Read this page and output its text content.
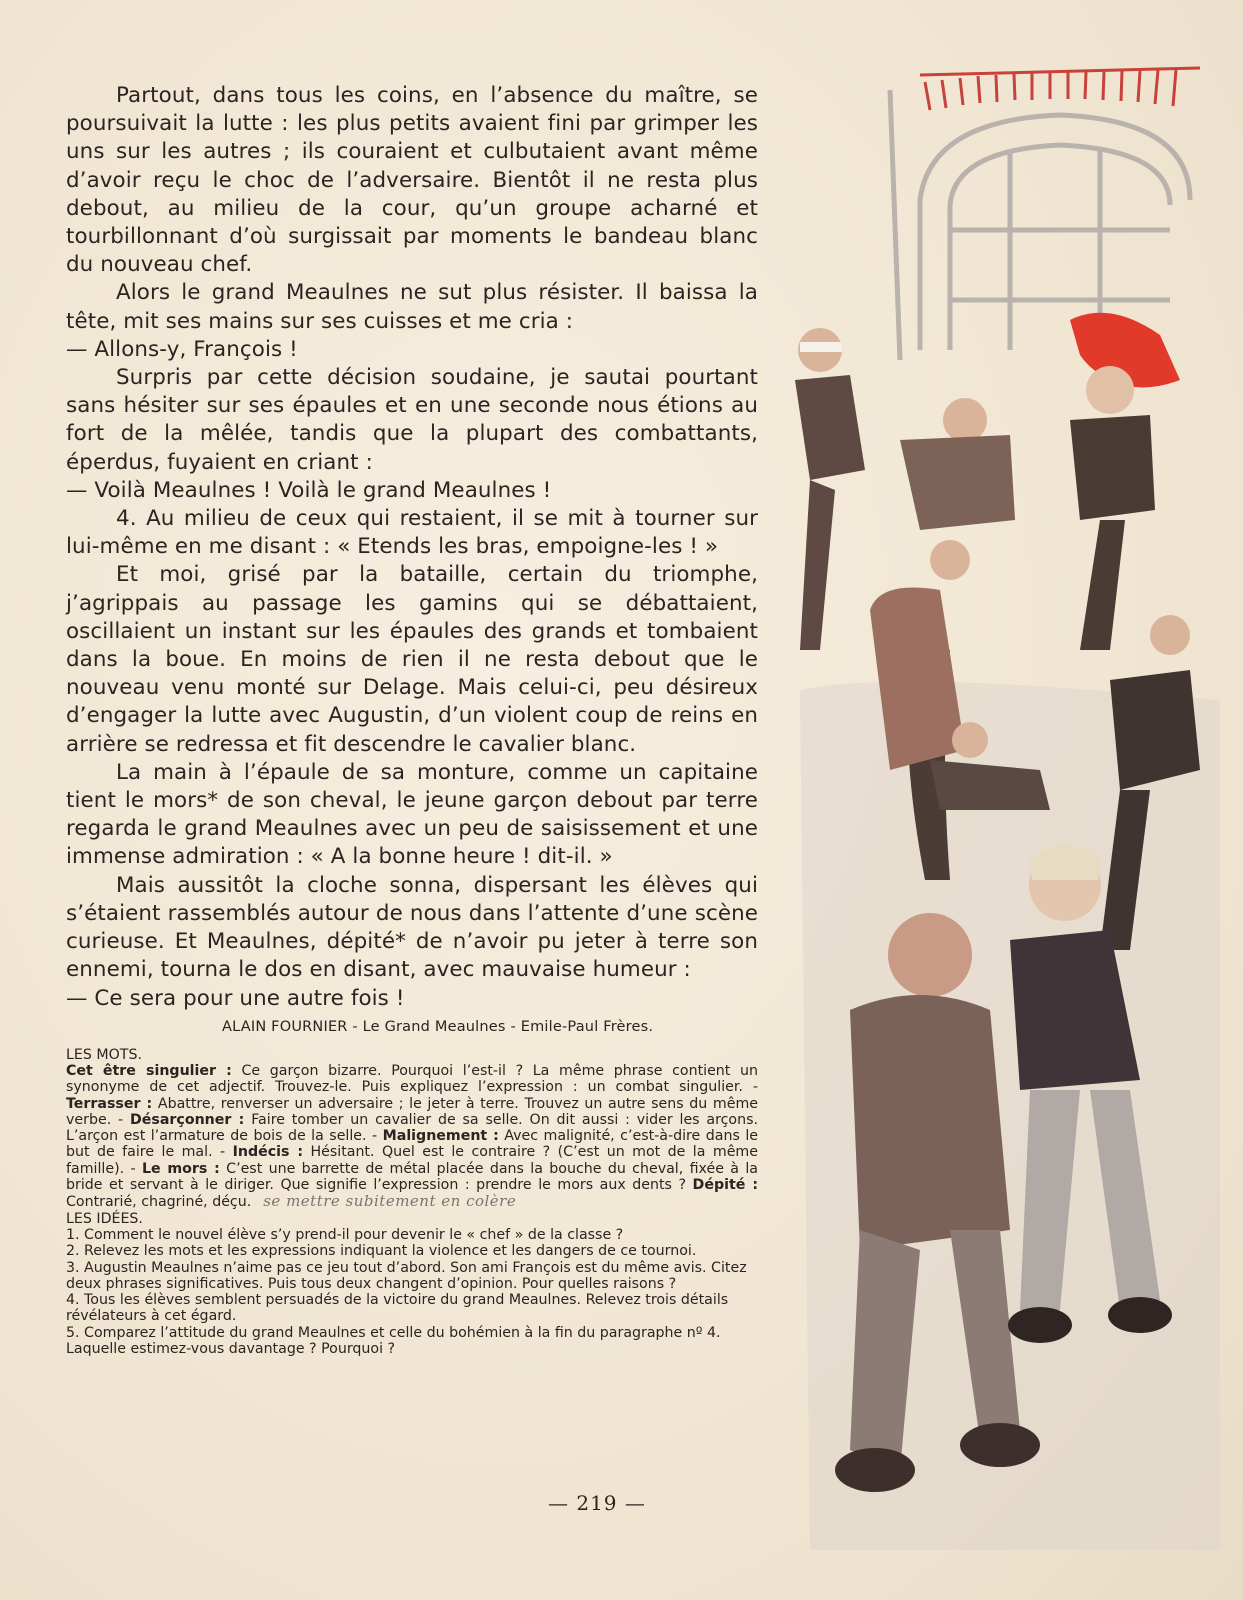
Partout, dans tous les coins, en l’absence du maître, se poursuivait la lutte : les plus petits avaient fini par grimper les uns sur les autres ; ils couraient et culbutaient avant même d’avoir reçu le choc de l’adversaire. Bientôt il ne resta plus debout, au milieu de la cour, qu’un groupe acharné et tourbillonnant d’où surgissait par moments le bandeau blanc du nouveau chef.

Alors le grand Meaulnes ne sut plus résister. Il baissa la tête, mit ses mains sur ses cuisses et me cria :

— Allons-y, François !

Surpris par cette décision soudaine, je sautai pourtant sans hésiter sur ses épaules et en une seconde nous étions au fort de la mêlée, tandis que la plupart des combattants, éperdus, fuyaient en criant :

— Voilà Meaulnes ! Voilà le grand Meaulnes !

4. Au milieu de ceux qui restaient, il se mit à tourner sur lui-même en me disant : « Etends les bras, empoigne-les ! »

Et moi, grisé par la bataille, certain du triomphe, j’agrippais au passage les gamins qui se débattaient, oscillaient un instant sur les épaules des grands et tombaient dans la boue. En moins de rien il ne resta debout que le nouveau venu monté sur Delage. Mais celui-ci, peu désireux d’engager la lutte avec Augustin, d’un violent coup de reins en arrière se redressa et fit descendre le cavalier blanc.

La main à l’épaule de sa monture, comme un capitaine tient le mors* de son cheval, le jeune garçon debout par terre regarda le grand Meaulnes avec un peu de saisissement et une immense admiration : « A la bonne heure ! dit-il. »

Mais aussitôt la cloche sonna, dispersant les élèves qui s’étaient rassemblés autour de nous dans l’attente d’une scène curieuse. Et Meaulnes, dépité* de n’avoir pu jeter à terre son ennemi, tourna le dos en disant, avec mauvaise humeur :

— Ce sera pour une autre fois !

ALAIN FOURNIER - Le Grand Meaulnes - Emile-Paul Frères.

LES MOTS.

Cet être singulier : Ce garçon bizarre. Pourquoi l’est-il ? La même phrase contient un synonyme de cet adjectif. Trouvez-le. Puis expliquez l’expression : un combat singulier. - Terrasser : Abattre, renverser un adversaire ; le jeter à terre. Trouvez un autre sens du même verbe. - Désarçonner : Faire tomber un cavalier de sa selle. On dit aussi : vider les arçons. L’arçon est l’armature de bois de la selle. - Malignement : Avec malignité, c’est-à-dire dans le but de faire le mal. - Indécis : Hésitant. Quel est le contraire ? (C’est un mot de la même famille). - Le mors : C’est une barrette de métal placée dans la bouche du cheval, fixée à la bride et servant à le diriger. Que signifie l’expression : prendre le mors aux dents ? Dépité : Contrarié, chagriné, déçu. se mettre subitement en colère

LES IDÉES.

1. Comment le nouvel élève s’y prend-il pour devenir le « chef » de la classe ?
2. Relevez les mots et les expressions indiquant la violence et les dangers de ce tournoi.
3. Augustin Meaulnes n’aime pas ce jeu tout d’abord. Son ami François est du même avis. Citez deux phrases significatives. Puis tous deux changent d’opinion. Pour quelles raisons ?
4. Tous les élèves semblent persuadés de la victoire du grand Meaulnes. Relevez trois détails révélateurs à cet égard.
5. Comparez l’attitude du grand Meaulnes et celle du bohémien à la fin du paragraphe nº 4. Laquelle estimez-vous davantage ? Pourquoi ?
— 219 —
